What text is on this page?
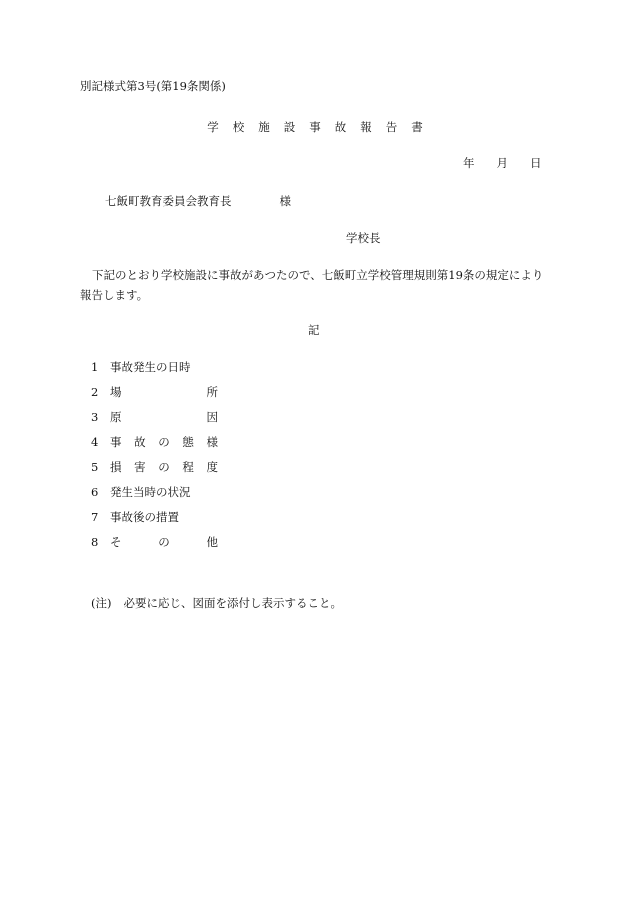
別記様式第3号(第19条関係)
学 校 施 設 事 故 報 告 書
年 月 日
七飯町教育委員会教育長	様
学校長
下記のとおり学校施設に事故があつたので、七飯町立学校管理規則第19条の規定により
報告します。
記
1 事故発生の日時
2 場	所
3 原	因
4 事 故 の 態 様
5 損 害 の 程 度
6 発生当時の状況
7 事故後の措置
8 そ	の	他
(注) 必要に応じ、図面を添付し表示すること。
